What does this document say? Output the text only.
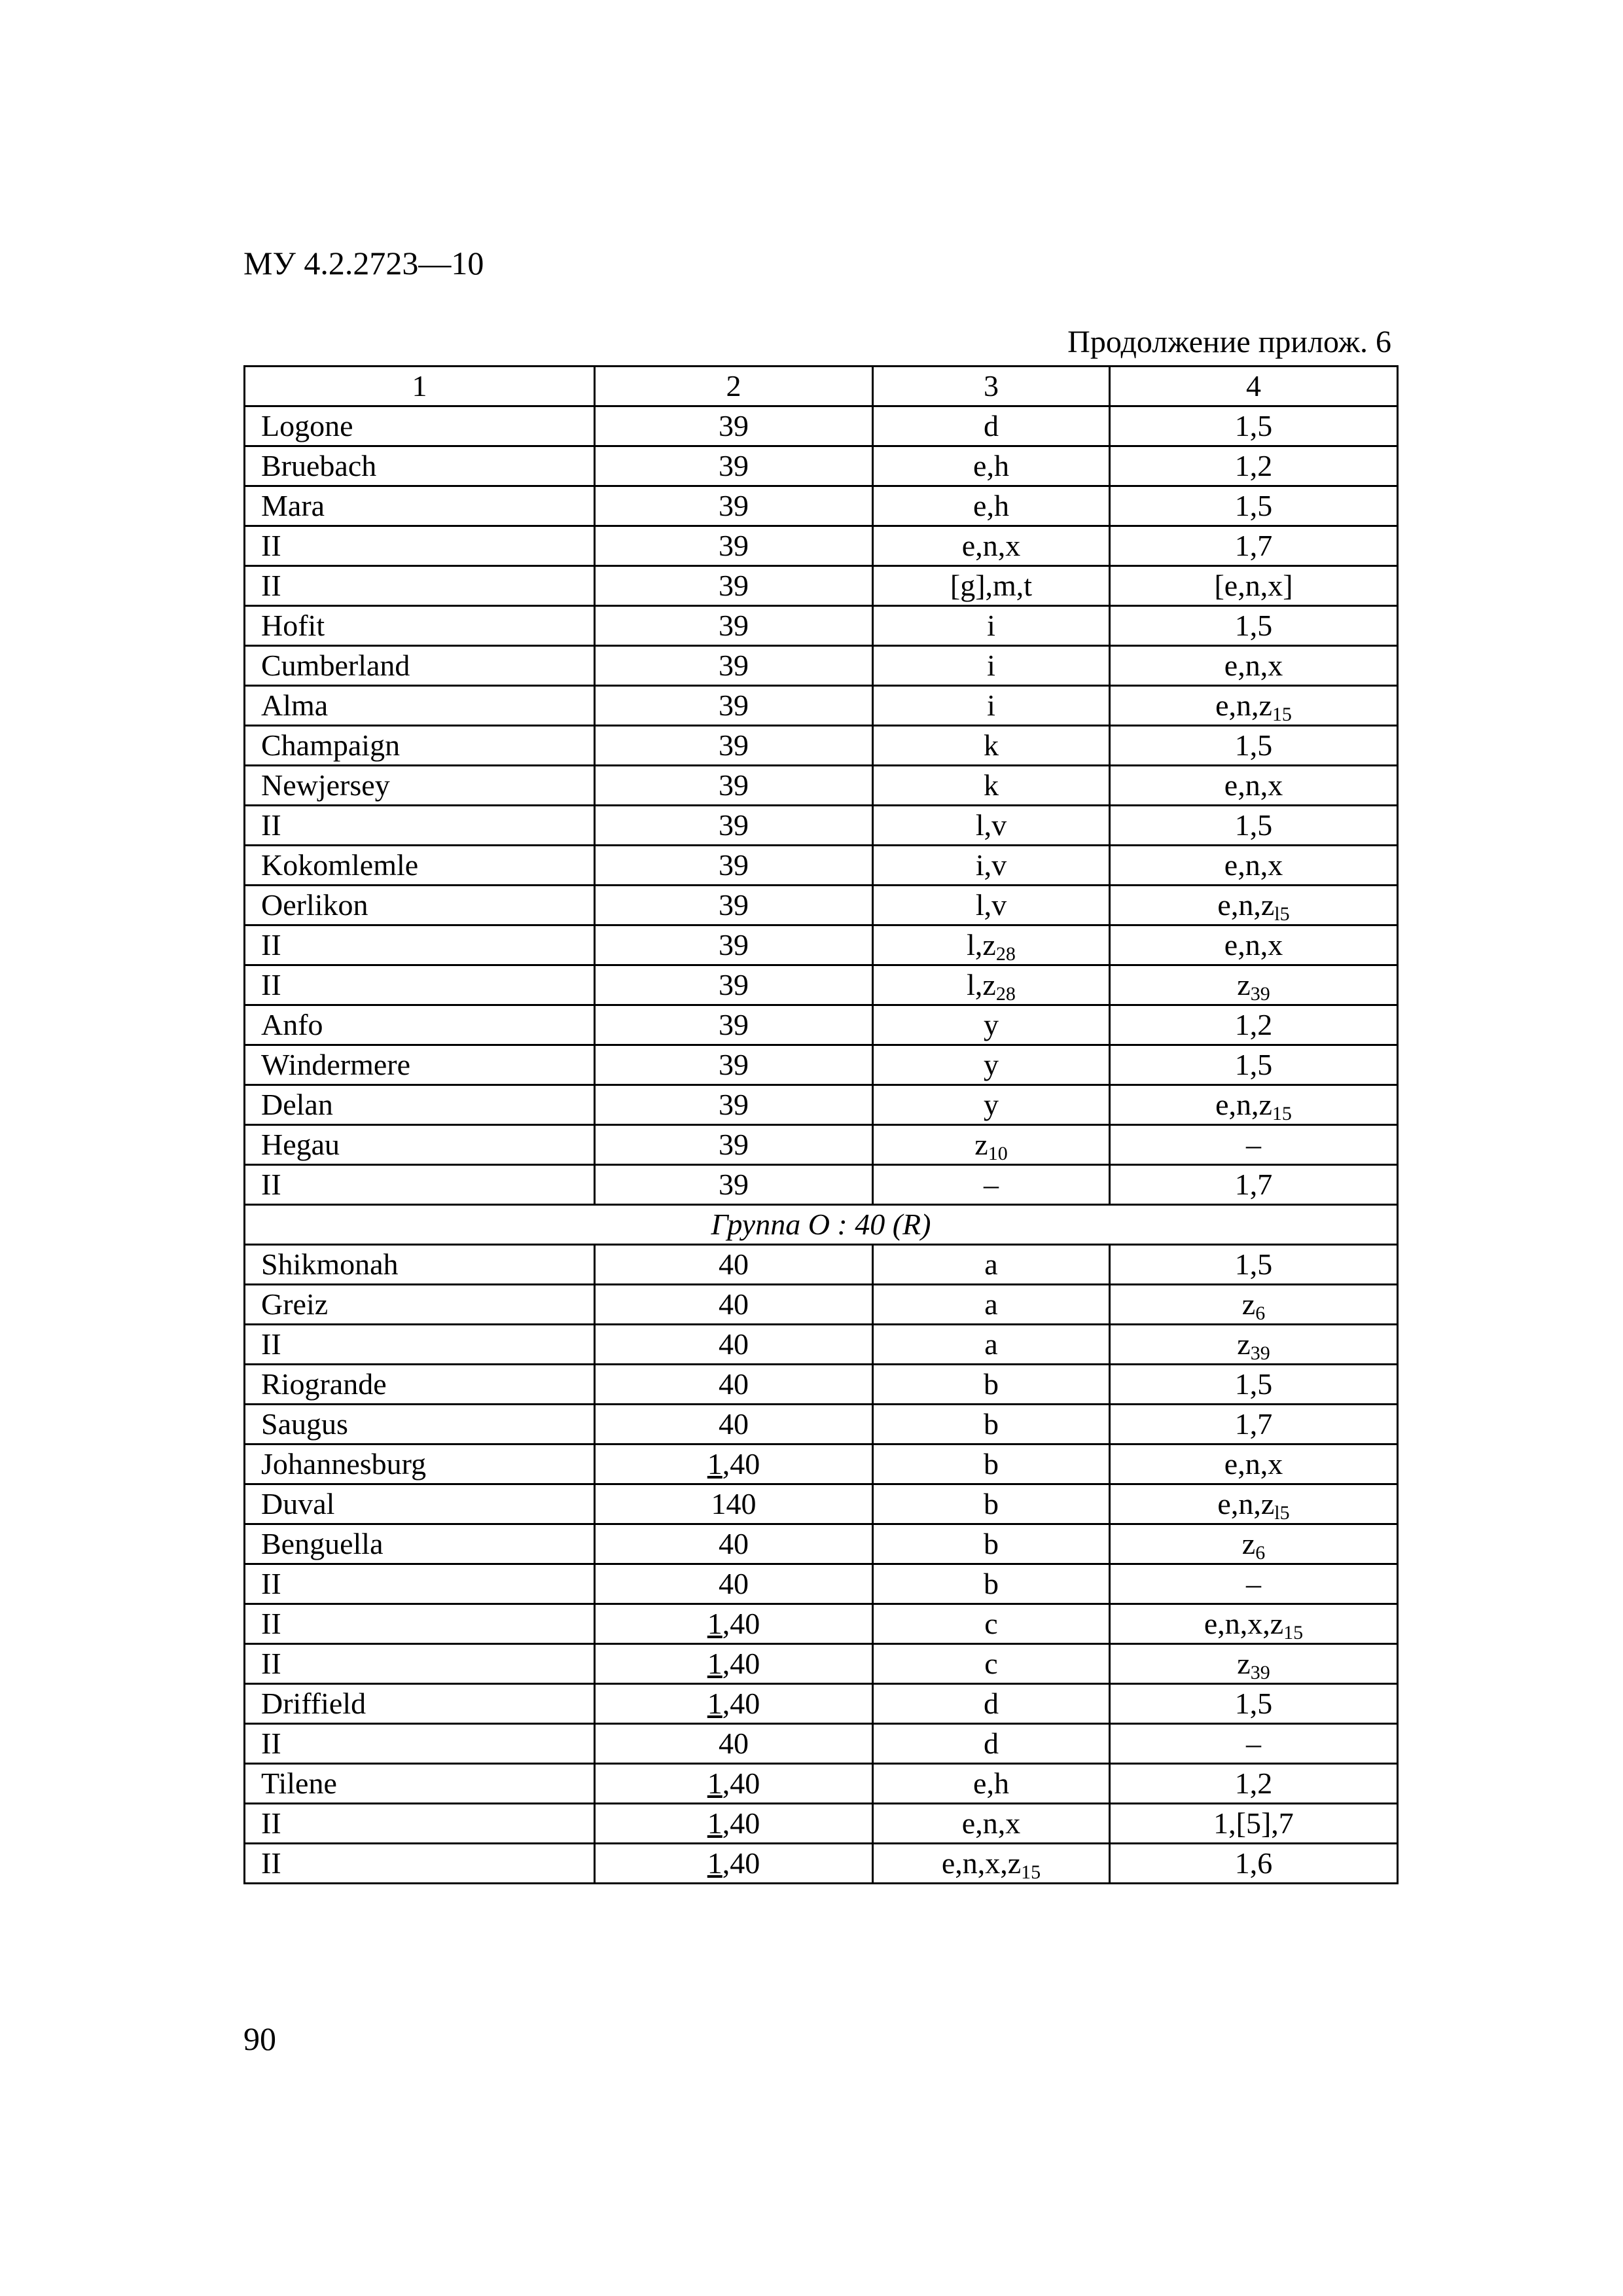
МУ 4.2.2723—10
Продолжение прилож. 6
1	2	3	4
Logone	39	d	1,5
Bruebach	39	e,h	1,2
Mara	39	e,h	1,5
II	39	e,n,x	1,7
II	39	[g],m,t	[e,n,x]
Hofit	39	i	1,5
Cumberland	39	i	e,n,x
Alma	39	i	$e,n,z_{15}$
Champaign	39	k	1,5
Newjersey	39	k	e,n,x
II	39	l,v	1,5
Kokomlemle	39	i,v	e,n,x
Oerlikon	39	l,v	$e,n,z_{l5}$
II	39	$l,z_{28}$	e,n,x
II	39	$l,z_{28}$	$z_{39}$
Anfo	39	y	1,2
Windermere	39	y	1,5
Delan	39	y	$e,n,z_{15}$
Hegau	39	$z_{10}$	–
II	39	–	1,7
Группа O : 40 (R)			
Shikmonah	40	a	1,5
Greiz	40	a	$z_6$
II	40	a	$z_{39}$
Riogrande	40	b	1,5
Saugus	40	b	1,7
Johannesburg	1,40	b	e,n,x
Duval	140	b	$e,n,z_{l5}$
Benguella	40	b	$z_6$
II	40	b	–
II	1,40	c	$e,n,x,z_{15}$
II	1,40	c	$z_{39}$
Driffield	1,40	d	1,5
II	40	d	–
Tilene	1,40	e,h	1,2
II	1,40	e,n,x	1,[5],7
II	1,40	$e,n,x,z_{15}$	1,6
90
